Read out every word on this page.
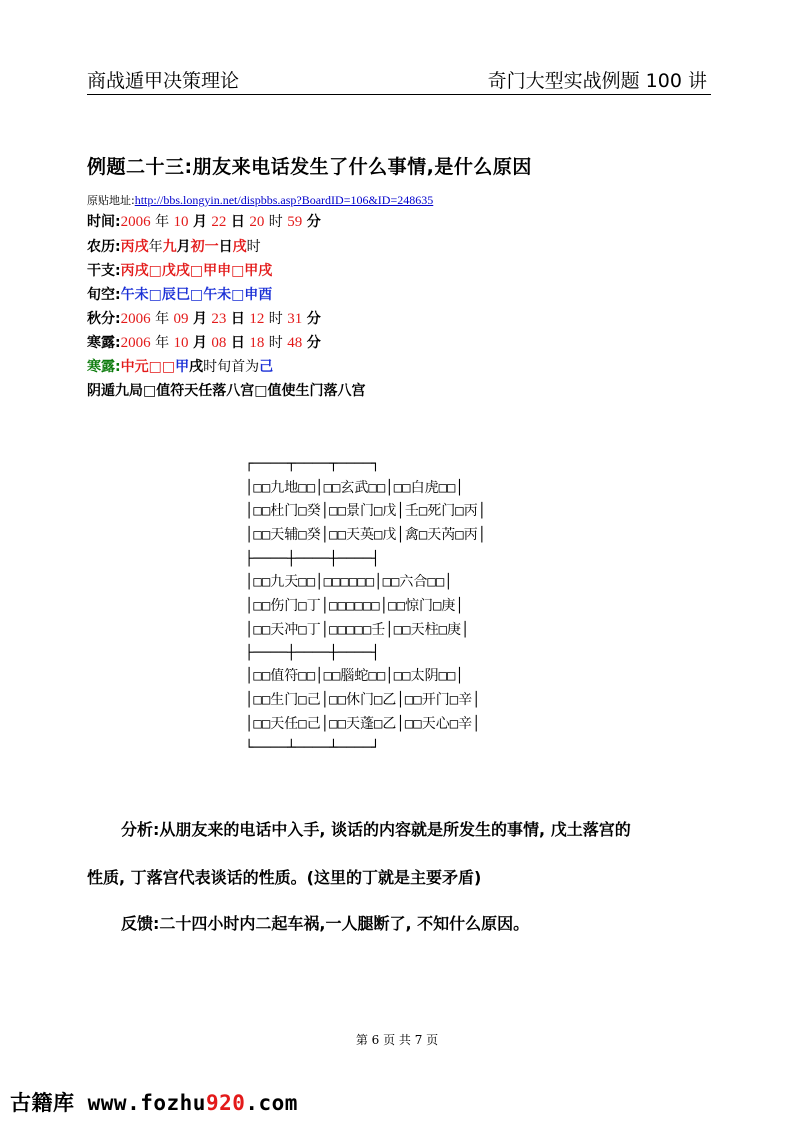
商战遁甲决策理论	奇门大型实战例题 100 讲
例题二十三:朋友来电话发生了什么事情,是什么原因
原贴地址:http://bbs.longyin.net/dispbbs.asp?BoardID=106&ID=248635
时间:2006 年 10 月 22 日 20 时 59 分
农历:丙戌年九月初一日戌时
干支:丙戌□戊戌□甲申□甲戌
旬空:午未□辰巳□午未□申酉
秋分:2006 年 09 月 23 日 12 时 31 分
寒露:2006 年 10 月 08 日 18 时 48 分
寒露:中元□□甲戌时旬首为己
阴遁九局□值符天任落八宫□值使生门落八宫
┌────┬────┬────┐
│□□九地□□│□□玄武□□│□□白虎□□│
│□□杜门□癸│□□景门□戊│壬□死门□丙│
│□□天辅□癸│□□天英□戊│禽□天芮□丙│
├────┼────┼────┤
│□□九天□□│□□□□□□│□□六合□□│
│□□伤门□丁│□□□□□□│□□惊门□庚│
│□□天冲□丁│□□□□□壬│□□天柱□庚│
├────┼────┼────┤
│□□值符□□│□□腦蛇□□│□□太阴□□│
│□□生门□己│□□休门□乙│□□开门□辛│
│□□天任□己│□□天蓬□乙│□□天心□辛│
└────┴────┴────┘
分析:从朋友来的电话中入手, 谈话的内容就是所发生的事情, 戊土落宫的
性质, 丁落宫代表谈话的性质。(这里的丁就是主要矛盾)
反馈:二十四小时内二起车祸,一人腿断了, 不知什么原因。
第 6 页 共 7 页
古籍库 www.fozhu920.com
